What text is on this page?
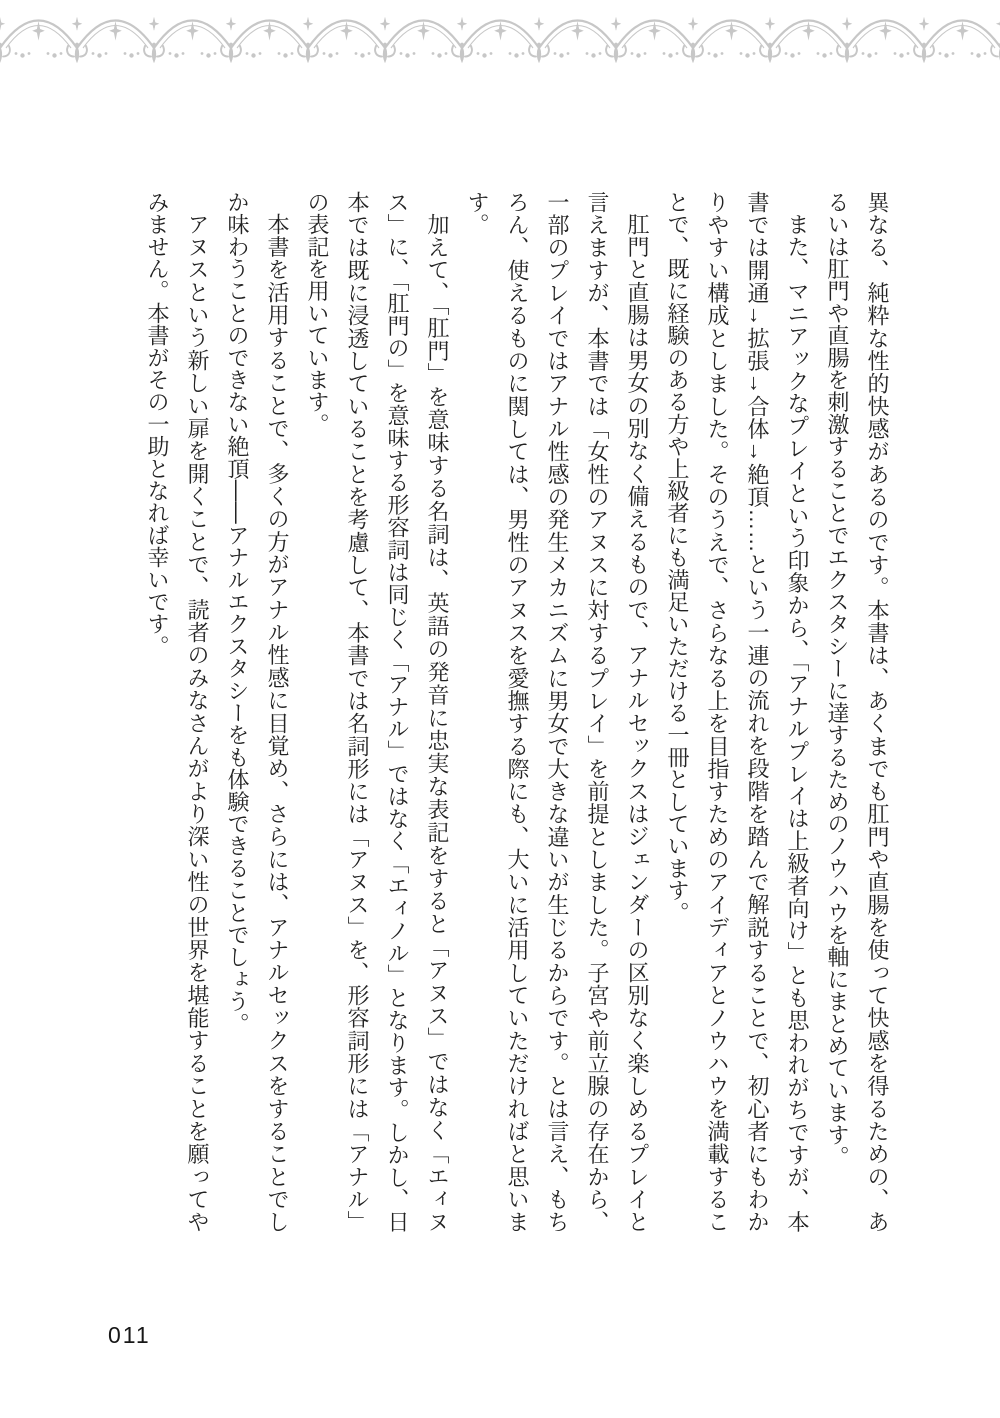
異なる、純粋な性的快感があるのです。本書は、あくまでも肛門や直腸を使って快感を得るための、あるいは肛門や直腸を刺激することでエクスタシーに達するためのノウハウを軸にまとめています。

また、マニアックなプレイという印象から、「アナルプレイは上級者向け」とも思われがちですが、本書では開通→拡張→合体→絶頂……という一連の流れを段階を踏んで解説することで、初心者にもわかりやすい構成としました。そのうえで、さらなる上を目指すためのアイディアとノウハウを満載することで、既に経験のある方や上級者にも満足いただける一冊としています。

肛門と直腸は男女の別なく備えるもので、アナルセックスはジェンダーの区別なく楽しめるプレイと言えますが、本書では「女性のアヌスに対するプレイ」を前提としました。子宮や前立腺の存在から、一部のプレイではアナル性感の発生メカニズムに男女で大きな違いが生じるからです。とは言え、もちろん、使えるものに関しては、男性のアヌスを愛撫する際にも、大いに活用していただければと思います。

加えて、「肛門」を意味する名詞は、英語の発音に忠実な表記をすると「アヌス」ではなく「エィヌス」に、「肛門の」を意味する形容詞は同じく「アナル」ではなく「エィノル」となります。しかし、日本では既に浸透していることを考慮して、本書では名詞形には「アヌス」を、形容詞形には「アナル」の表記を用いています。

本書を活用することで、多くの方がアナル性感に目覚め、さらには、アナルセックスをすることでしか味わうことのできない絶頂――アナルエクスタシーをも体験できることでしょう。

アヌスという新しい扉を開くことで、読者のみなさんがより深い性の世界を堪能することを願ってやみません。本書がその一助となれば幸いです。

011
